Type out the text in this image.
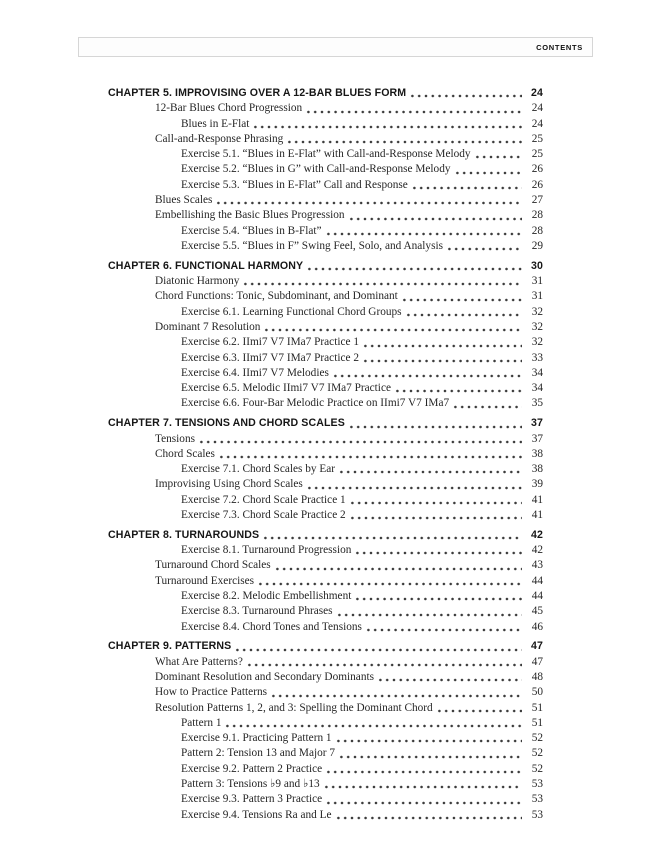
CONTENTS
CHAPTER 5. IMPROVISING OVER A 12-BAR BLUES FORM	24
12-Bar Blues Chord Progression	24
Blues in E-Flat	24
Call-and-Response Phrasing	25
Exercise 5.1. “Blues in E-Flat” with Call-and-Response Melody	25
Exercise 5.2. “Blues in G” with Call-and-Response Melody	26
Exercise 5.3. “Blues in E-Flat” Call and Response	26
Blues Scales	27
Embellishing the Basic Blues Progression	28
Exercise 5.4. “Blues in B-Flat”	28
Exercise 5.5. “Blues in F” Swing Feel, Solo, and Analysis	29
CHAPTER 6. FUNCTIONAL HARMONY	30
Diatonic Harmony	31
Chord Functions: Tonic, Subdominant, and Dominant	31
Exercise 6.1. Learning Functional Chord Groups	32
Dominant 7 Resolution	32
Exercise 6.2. IImi7 V7 IMa7 Practice 1	32
Exercise 6.3. IImi7 V7 IMa7 Practice 2	33
Exercise 6.4. IImi7 V7 Melodies	34
Exercise 6.5. Melodic IImi7 V7 IMa7 Practice	34
Exercise 6.6. Four-Bar Melodic Practice on IImi7 V7 IMa7	35
CHAPTER 7. TENSIONS AND CHORD SCALES	37
Tensions	37
Chord Scales	38
Exercise 7.1. Chord Scales by Ear	38
Improvising Using Chord Scales	39
Exercise 7.2. Chord Scale Practice 1	41
Exercise 7.3. Chord Scale Practice 2	41
CHAPTER 8. TURNAROUNDS	42
Exercise 8.1. Turnaround Progression	42
Turnaround Chord Scales	43
Turnaround Exercises	44
Exercise 8.2. Melodic Embellishment	44
Exercise 8.3. Turnaround Phrases	45
Exercise 8.4. Chord Tones and Tensions	46
CHAPTER 9. PATTERNS	47
What Are Patterns?	47
Dominant Resolution and Secondary Dominants	48
How to Practice Patterns	50
Resolution Patterns 1, 2, and 3: Spelling the Dominant Chord	51
Pattern 1	51
Exercise 9.1. Practicing Pattern 1	52
Pattern 2: Tension 13 and Major 7	52
Exercise 9.2. Pattern 2 Practice	52
Pattern 3: Tensions ♭9 and ♭13	53
Exercise 9.3. Pattern 3 Practice	53
Exercise 9.4. Tensions Ra and Le	53
